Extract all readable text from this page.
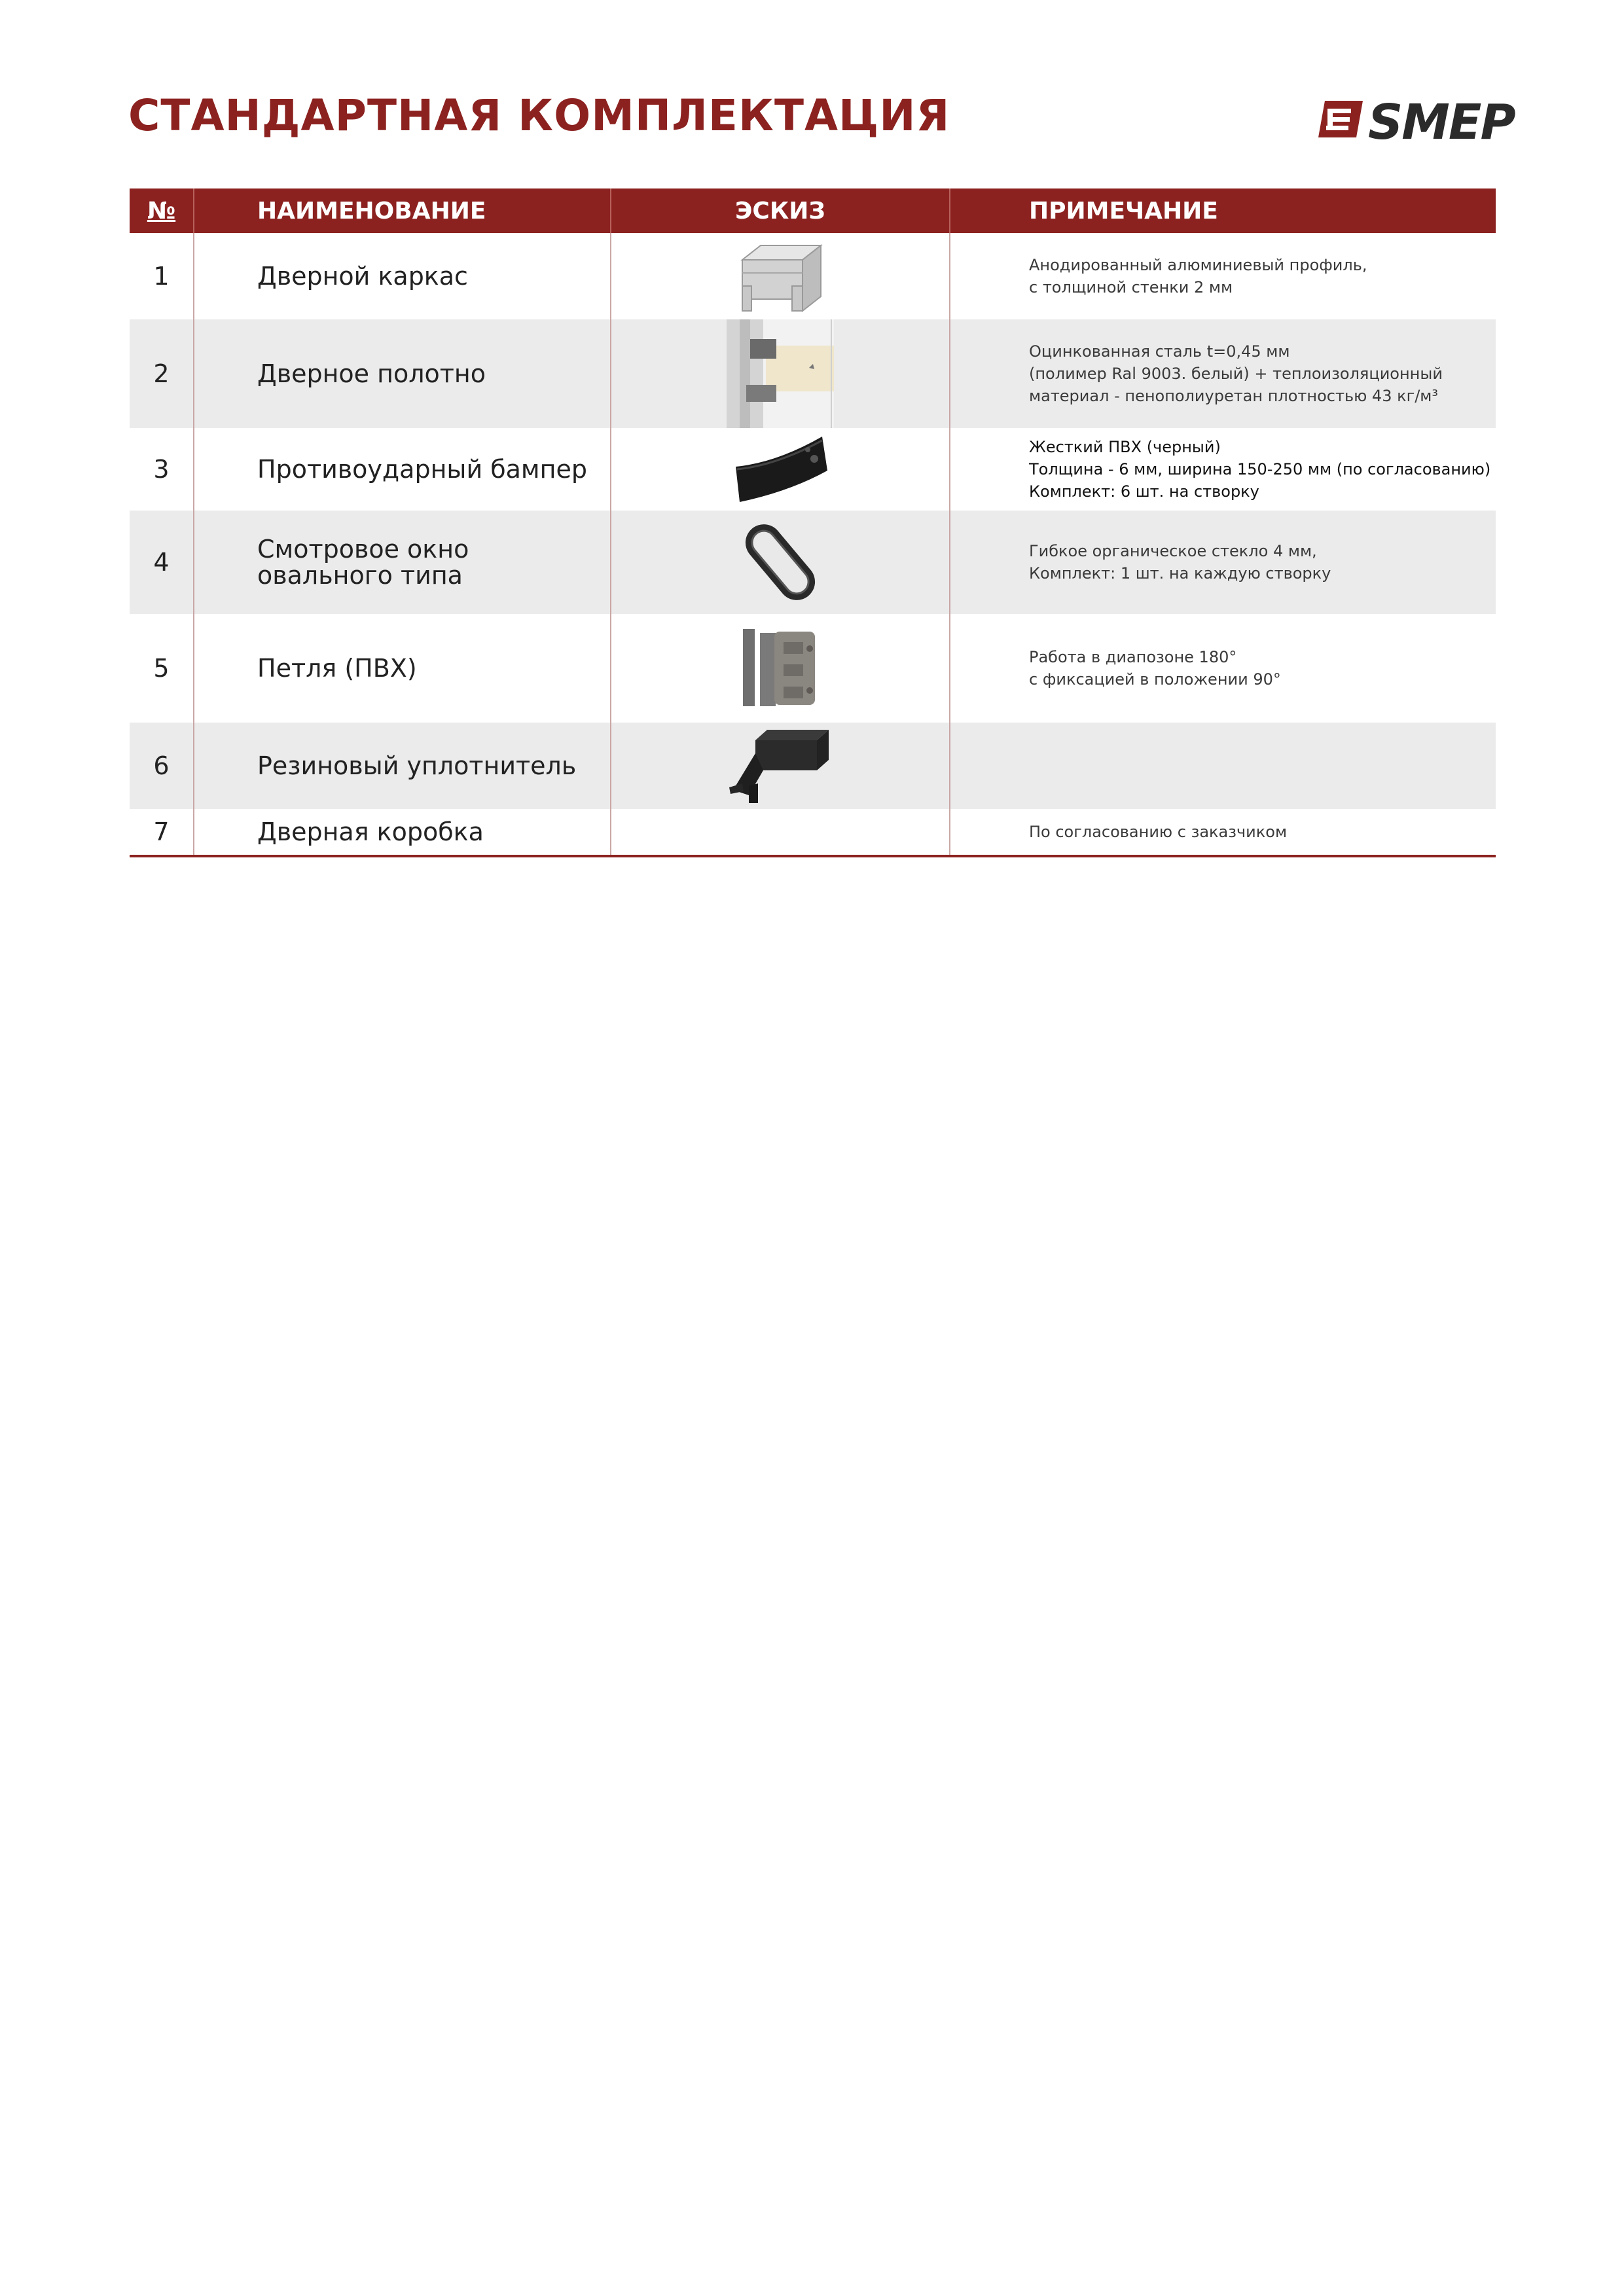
СТАНДАРТНАЯ КОМПЛЕКТАЦИЯ	SMEP
№	НАИМЕНОВАНИЕ	ЭСКИЗ	ПРИМЕЧАНИЕ
1	Дверной каркас		Анодированный алюминиевый профиль,
с толщиной стенки 2 мм

2	Дверное полотно		Оцинкованная сталь t=0,45 мм
(полимер Ral 9003. белый) + теплоизоляционный
материал - пенополиуретан плотностью 43 кг/м³

3	Противоударный бампер		Жесткий ПВХ (черный)
Толщина - 6 мм, ширина 150-250 мм (по согласованию)
Комплект: 6 шт. на створку

4	Смотровое окно
овального типа		Гибкое органическое стекло 4 мм,
Комплект: 1 шт. на каждую створку

5	Петля (ПВХ)		Работа в диапозоне 180°
с фиксацией в положении 90°

6	Резиновый уплотнитель

7	Дверная коробка		По согласованию с заказчиком
